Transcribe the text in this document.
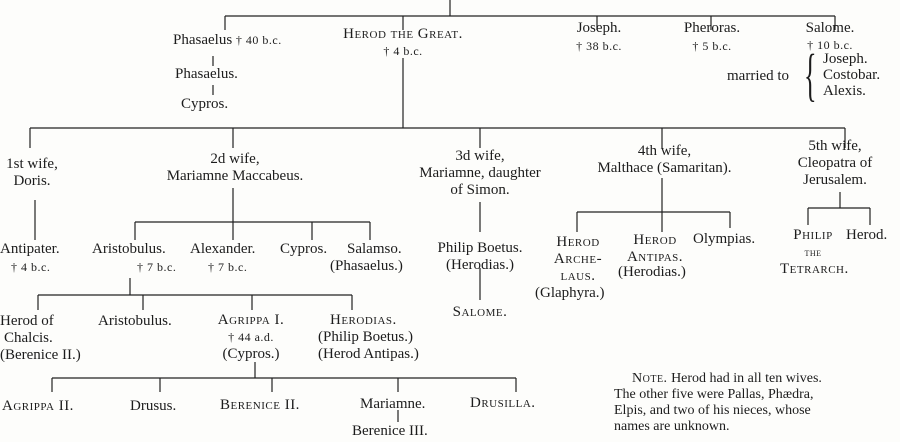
Phasaelus † 40 b.c.
Phasaelus.
Cypros.
Herod the Great.
† 4 b.c.
Joseph.
† 38 b.c.
Pheroras.
† 5 b.c.
Salome.
† 10 b.c.
married to { Joseph.
Costobar.
Alexis.
1st wife,
Doris.
2d wife,
Mariamne Maccabeus.
3d wife,
Mariamne, daughter
of Simon.
4th wife,
Malthace (Samaritan).
5th wife,
Cleopatra of
Jerusalem.
Antipater.
† 4 b.c.
Aristobulus.
† 7 b.c.
Alexander.
† 7 b.c.
Cypros. Salamso.
(Phasaelus.)
Philip Boetus.
(Herodias.)
Salome.
Herod
Arche-
laus.
(Glaphyra.)
Herod
Antipas.
(Herodias.)
Olympias.	Philip
the
Tetrarch.
Herod.
Herod of
Chalcis.
(Berenice II.)
Aristobulus.	Agrippa I.
† 44 a.d.
(Cypros.)
Herodias.
(Philip Boetus.)
(Herod Antipas.)
Agrippa II.	Drusus.	Berenice II.	Mariamne.
Berenice III.
Drusilla.
Note. Herod had in all ten wives.
The other five were Pallas, Phædra,
Elpis, and two of his nieces, whose
names are unknown.
